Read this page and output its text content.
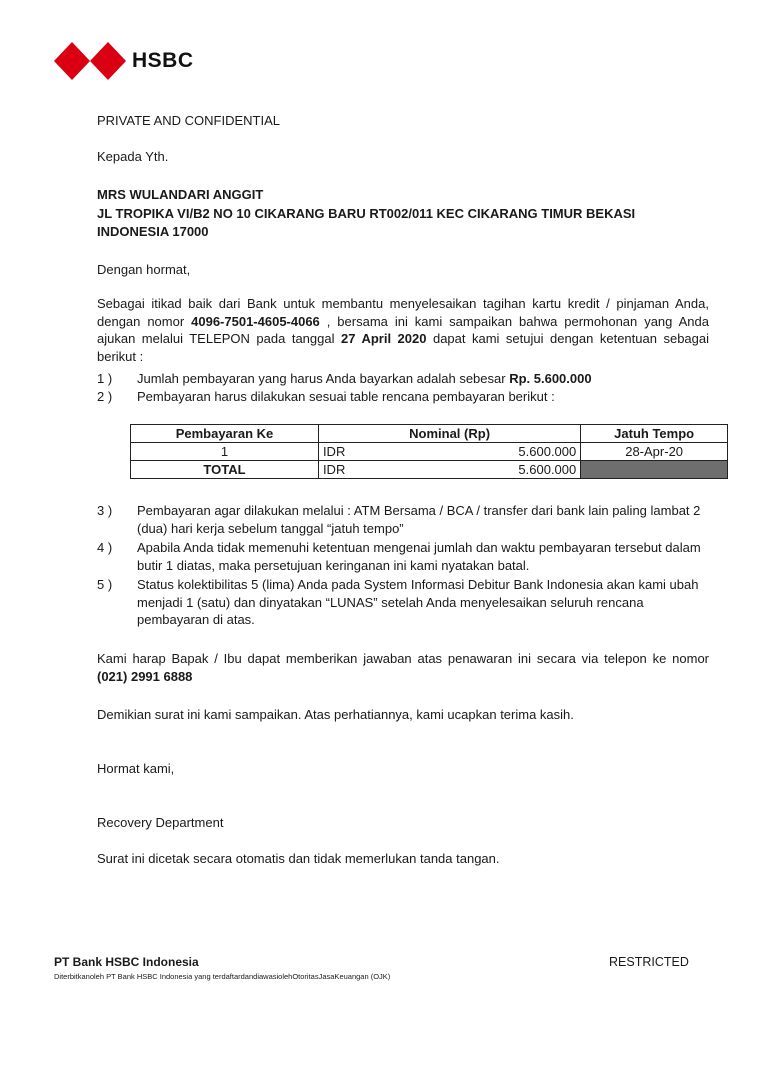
HSBC
PRIVATE AND CONFIDENTIAL
Kepada Yth.
MRS WULANDARI ANGGIT
JL TROPIKA VI/B2 NO 10 CIKARANG BARU RT002/011 KEC CIKARANG TIMUR BEKASI
INDONESIA 17000
Dengan hormat,
Sebagai itikad baik dari Bank untuk membantu menyelesaikan tagihan kartu kredit / pinjaman Anda, dengan nomor 4096-7501-4605-4066 , bersama ini kami sampaikan bahwa permohonan yang Anda ajukan melalui TELEPON pada tanggal 27 April 2020 dapat kami setujui dengan ketentuan sebagai berikut :
1 )	Jumlah pembayaran yang harus Anda bayarkan adalah sebesar Rp. 5.600.000
2 )	Pembayaran harus dilakukan sesuai table rencana pembayaran berikut :
Pembayaran Ke	Nominal (Rp)	Jatuh Tempo
1	IDR 5.600.000	28-Apr-20
TOTAL	IDR 5.600.000	

3 )	Pembayaran agar dilakukan melalui : ATM Bersama / BCA / transfer dari bank lain paling lambat 2 (dua) hari kerja sebelum tanggal “jatuh tempo”
4 )	Apabila Anda tidak memenuhi ketentuan mengenai jumlah dan waktu pembayaran tersebut dalam butir 1 diatas, maka persetujuan keringanan ini kami nyatakan batal.
5 )	Status kolektibilitas 5 (lima) Anda pada System Informasi Debitur Bank Indonesia akan kami ubah menjadi 1 (satu) dan dinyatakan “LUNAS” setelah Anda menyelesaikan seluruh rencana pembayaran di atas.
Kami harap Bapak / Ibu dapat memberikan jawaban atas penawaran ini secara via telepon ke nomor (021) 2991 6888
Demikian surat ini kami sampaikan. Atas perhatiannya, kami ucapkan terima kasih.
Hormat kami,
Recovery Department
Surat ini dicetak secara otomatis dan tidak memerlukan tanda tangan.
PT Bank HSBC Indonesia
Diterbitkanoleh PT Bank HSBC Indonesia yang terdaftardandiawasiolehOtoritasJasaKeuangan (OJK)
RESTRICTED
